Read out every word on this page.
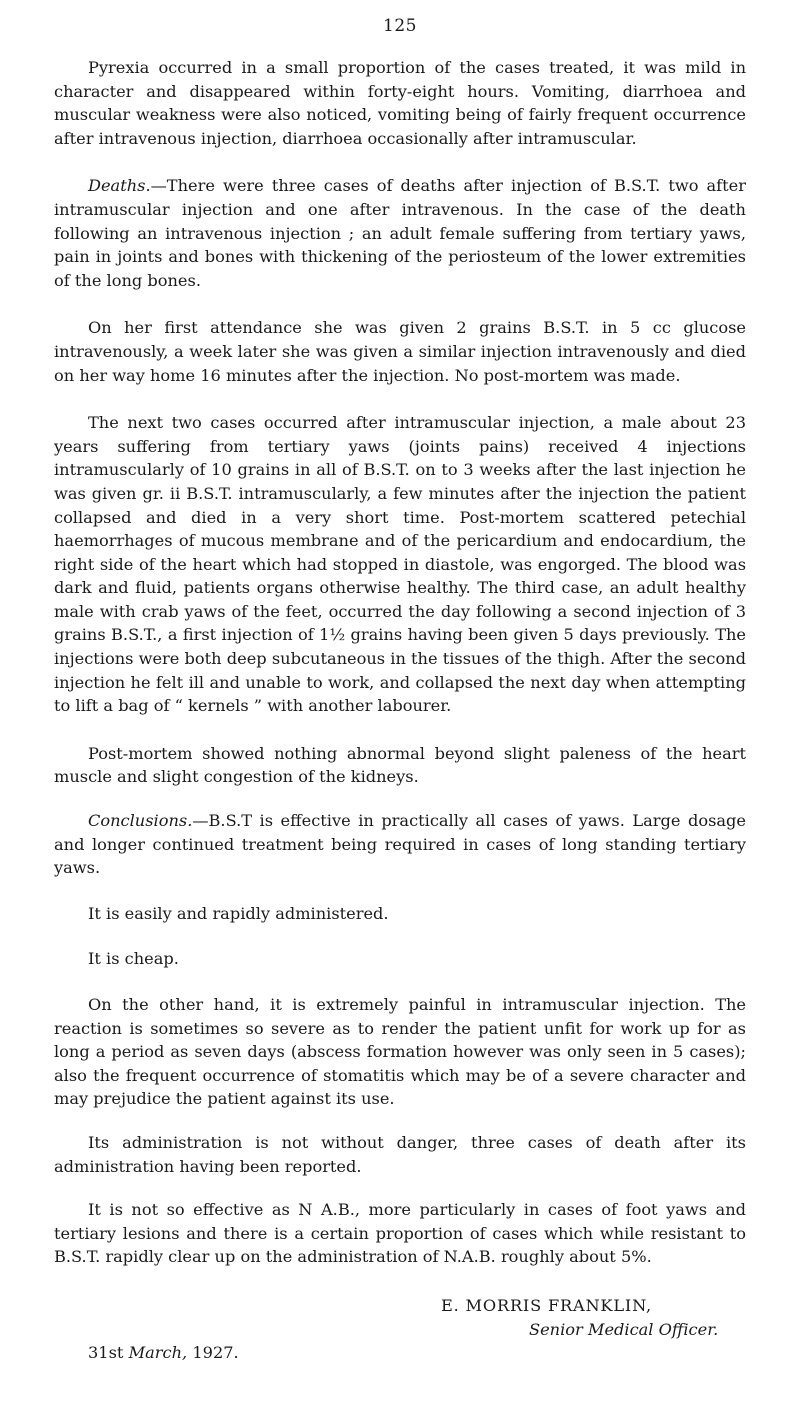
125

Pyrexia occurred in a small proportion of the cases treated, it was mild in character and disappeared within forty-eight hours. Vomiting, diarrhoea and muscular weakness were also noticed, vomiting being of fairly frequent occurrence after intravenous injection, diarrhoea occasionally after intramuscular.

Deaths.—There were three cases of deaths after injection of B.S.T. two after intramuscular injection and one after intravenous. In the case of the death following an intravenous injection ; an adult female suffering from tertiary yaws, pain in joints and bones with thickening of the periosteum of the lower extremities of the long bones.

On her first attendance she was given 2 grains B.S.T. in 5 cc glucose intravenously, a week later she was given a similar injection intravenously and died on her way home 16 minutes after the injection. No post-mortem was made.

The next two cases occurred after intramuscular injection, a male about 23 years suffering from tertiary yaws (joints pains) received 4 injections intramuscularly of 10 grains in all of B.S.T. on to 3 weeks after the last injection he was given gr. ii B.S.T. intramuscularly, a few minutes after the injection the patient collapsed and died in a very short time. Post-mortem scattered petechial haemorrhages of mucous membrane and of the pericardium and endocardium, the right side of the heart which had stopped in diastole, was engorged. The blood was dark and fluid, patients organs otherwise healthy. The third case, an adult healthy male with crab yaws of the feet, occurred the day following a second injection of 3 grains B.S.T., a first injection of 1½ grains having been given 5 days previously. The injections were both deep subcutaneous in the tissues of the thigh. After the second injection he felt ill and unable to work, and collapsed the next day when attempting to lift a bag of “ kernels ” with another labourer.

Post-mortem showed nothing abnormal beyond slight paleness of the heart muscle and slight congestion of the kidneys.

Conclusions.—B.S.T is effective in practically all cases of yaws. Large dosage and longer continued treatment being required in cases of long standing tertiary yaws.

It is easily and rapidly administered.

It is cheap.

On the other hand, it is extremely painful in intramuscular injection. The reaction is sometimes so severe as to render the patient unfit for work up for as long a period as seven days (abscess formation however was only seen in 5 cases); also the frequent occurrence of stomatitis which may be of a severe character and may prejudice the patient against its use.

Its administration is not without danger, three cases of death after its administration having been reported.

It is not so effective as N A.B., more particularly in cases of foot yaws and tertiary lesions and there is a certain proportion of cases which while resistant to B.S.T. rapidly clear up on the administration of N.A.B. roughly about 5%.

E. MORRIS FRANKLIN,
Senior Medical Officer.
31st March, 1927.
